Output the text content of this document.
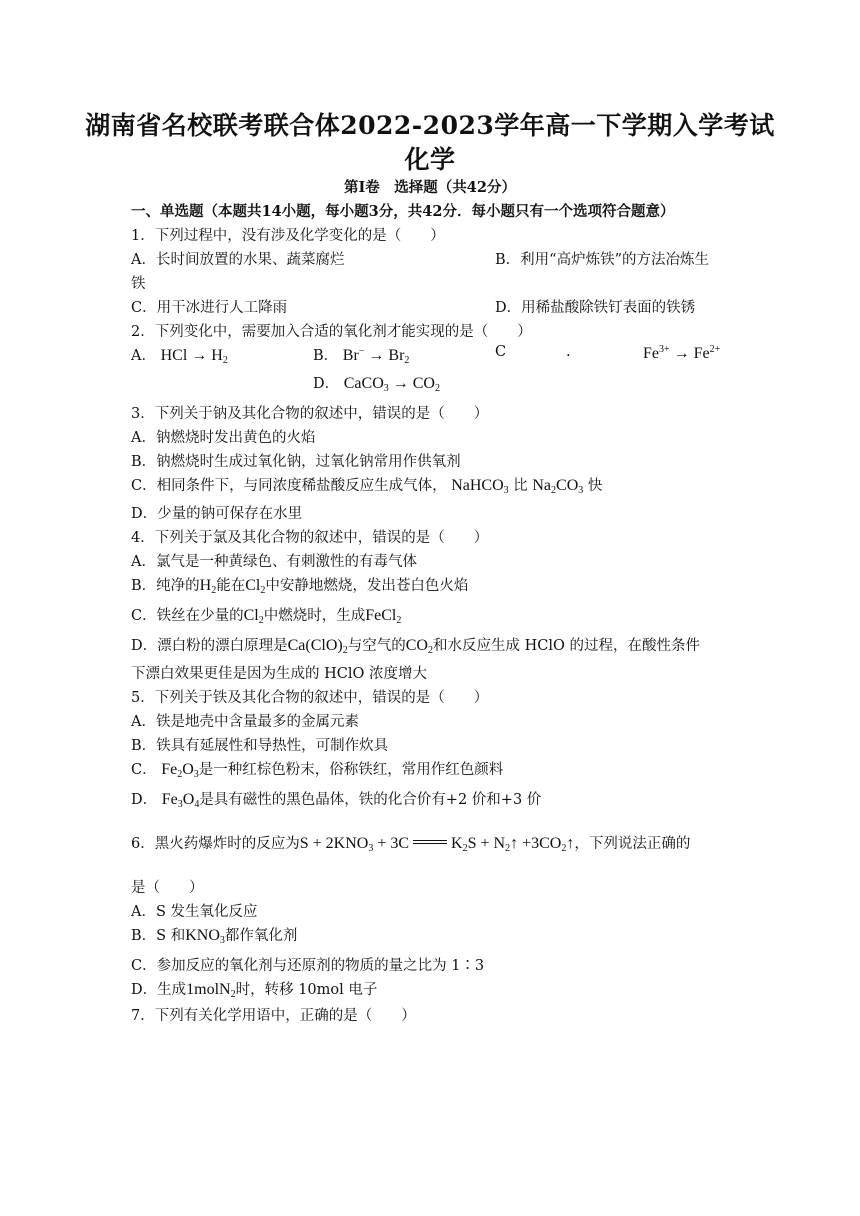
湖南省名校联考联合体2022-2023学年高一下学期入学考试
化学
第Ⅰ卷　选择题（共42分）
一、单选题（本题共14小题，每小题3分，共42分．每小题只有一个选项符合题意）
1．下列过程中，没有涉及化学变化的是（　　）
A．长时间放置的水果、蔬菜腐烂	B．利用“高炉炼铁”的方法冶炼生
铁
C．用干冰进行人工降雨	D．用稀盐酸除铁钉表面的铁锈
2．下列变化中，需要加入合适的氧化剂才能实现的是（　　）
A． HCl → $H_2$	B． $Br^- \to Br_2$
C	.	$Fe^{3+} \to Fe^{2+}$
D． CaCO$_3$ → $CO_2$
3．下列关于钠及其化合物的叙述中，错误的是（　　）
A．钠燃烧时发出黄色的火焰
B．钠燃烧时生成过氧化钠，过氧化钠常用作供氧剂
C．相同条件下，与同浓度稀盐酸反应生成气体， NaHCO$_3$ 比 $Na_2CO_3$ 快
D．少量的钠可保存在水里
4．下列关于氯及其化合物的叙述中，错误的是（　　）
A．氯气是一种黄绿色、有刺激性的有毒气体
B．纯净的$H_2$能在$Cl_2$中安静地燃烧，发出苍白色火焰
C．铁丝在少量的$Cl_2$中燃烧时，生成FeCl$_2$
D．漂白粉的漂白原理是$Ca(ClO)_2$与空气的$CO_2$和水反应生成 HClO 的过程，在酸性条件
下漂白效果更佳是因为生成的 HClO 浓度增大
5．下列关于铁及其化合物的叙述中，错误的是（　　）
A．铁是地壳中含量最多的金属元素
B．铁具有延展性和导热性，可制作炊具
C． $Fe_2O_3$是一种红棕色粉末，俗称铁红，常用作红色颜料
D． $Fe_3O_4$是具有磁性的黑色晶体，铁的化合价有+2 价和+3 价
6．黑火药爆炸时的反应为$S + 2KNO_3 + 3C$  $K_2S$ + $N_2↑$ $+3CO_2↑$，下列说法正确的
是（　　）
A．S 发生氧化反应
B．S 和$KNO_3$都作氧化剂
C．参加反应的氧化剂与还原剂的物质的量之比为 1∶3
D．生成1molN$_2$时，转移 10mol 电子
7．下列有关化学用语中，正确的是（　　）
